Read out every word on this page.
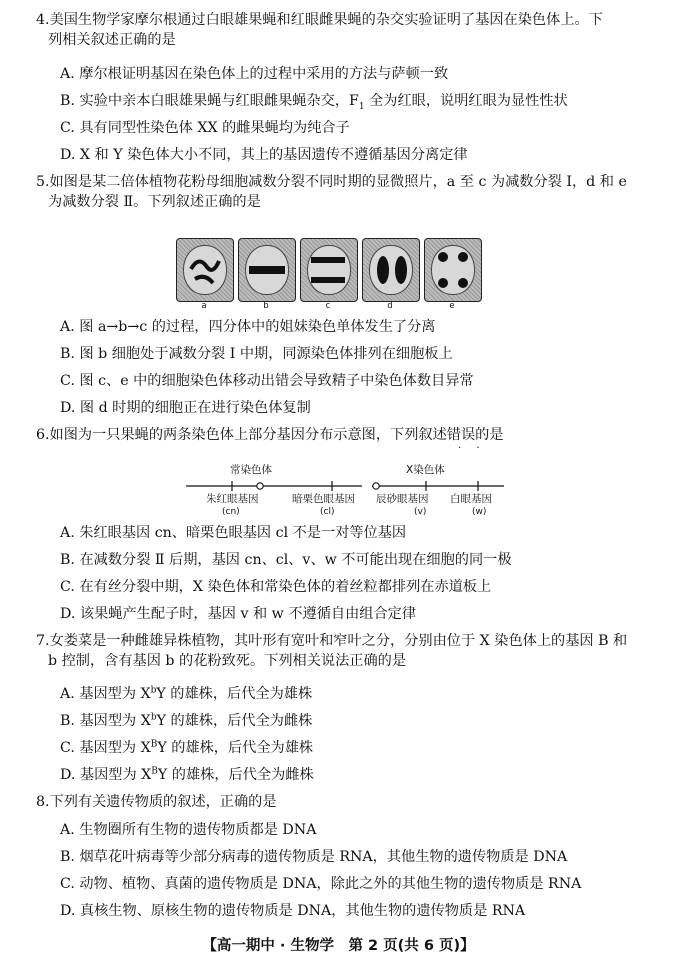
4.美国生物学家摩尔根通过白眼雄果蝇和红眼雌果蝇的杂交实验证明了基因在染色体上。下
列相关叙述正确的是
A. 摩尔根证明基因在染色体上的过程中采用的方法与萨顿一致
B. 实验中亲本白眼雄果蝇与红眼雌果蝇杂交，$F_1$ 全为红眼，说明红眼为显性性状
C. 具有同型性染色体 XX 的雌果蝇均为纯合子
D. X 和 Y 染色体大小不同，其上的基因遗传不遵循基因分离定律
5.如图是某二倍体植物花粉母细胞减数分裂不同时期的显微照片，a 至 c 为减数分裂 Ⅰ，d 和 e
为减数分裂 Ⅱ。下列叙述正确的是
a	b	c	d	e
A. 图 a→b→c 的过程，四分体中的姐妹染色单体发生了分离
B. 图 b 细胞处于减数分裂 Ⅰ 中期，同源染色体排列在细胞板上
C. 图 c、e 中的细胞染色体移动出错会导致精子中染色体数目异常
D. 图 d 时期的细胞正在进行染色体复制
6.如图为一只果蝇的两条染色体上部分基因分布示意图，下列叙述错误的是
· ·
常染色体	X染色体
朱红眼基因	暗栗色眼基因 辰砂眼基因 白眼基因
(cn)	(cl)	(v)	(w)
A. 朱红眼基因 cn、暗栗色眼基因 cl 不是一对等位基因
B. 在减数分裂 Ⅱ 后期，基因 cn、cl、v、w 不可能出现在细胞的同一极
C. 在有丝分裂中期，X 染色体和常染色体的着丝粒都排列在赤道板上
D. 该果蝇产生配子时，基因 v 和 w 不遵循自由组合定律
7.女娄菜是一种雌雄异株植物，其叶形有宽叶和窄叶之分，分别由位于 X 染色体上的基因 B 和
b 控制，含有基因 b 的花粉致死。下列相关说法正确的是
A. 基因型为 $X^bY$ 的雄株，后代全为雄株
B. 基因型为 $X^bY$ 的雄株，后代全为雌株
C. 基因型为 $X^BY$ 的雄株，后代全为雄株
D. 基因型为 $X^BY$ 的雄株，后代全为雌株
8.下列有关遗传物质的叙述，正确的是
A. 生物圈所有生物的遗传物质都是 DNA
B. 烟草花叶病毒等少部分病毒的遗传物质是 RNA，其他生物的遗传物质是 DNA
C. 动物、植物、真菌的遗传物质是 DNA，除此之外的其他生物的遗传物质是 RNA
D. 真核生物、原核生物的遗传物质是 DNA，其他生物的遗传物质是 RNA
【高一期中 · 生物学　第 2 页(共 6 页)】
